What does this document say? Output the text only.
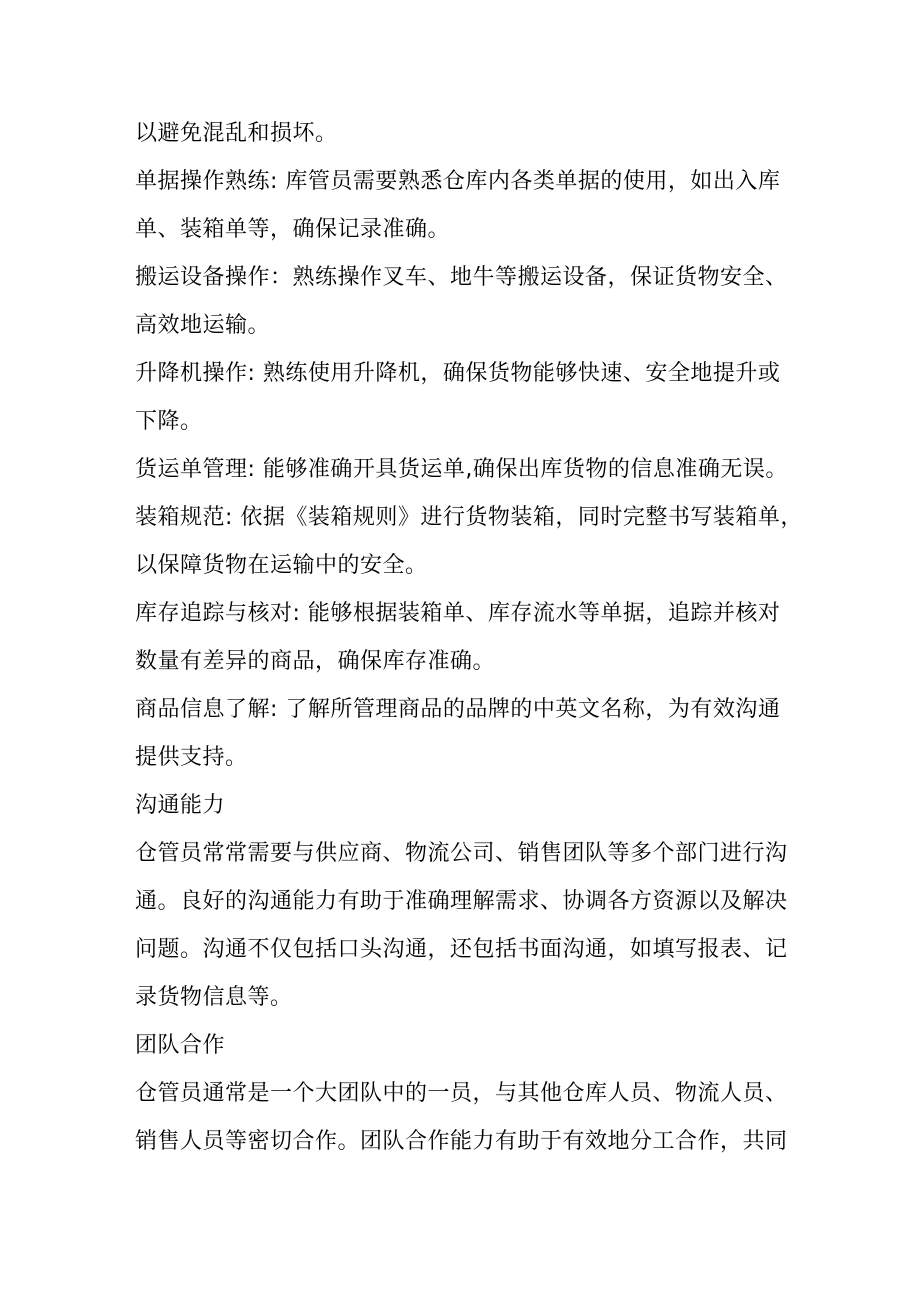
以避免混乱和损坏。
单据操作熟练: 库管员需要熟悉仓库内各类单据的使用，如出入库
单、装箱单等，确保记录准确。
搬运设备操作：熟练操作叉车、地牛等搬运设备，保证货物安全、
高效地运输。
升降机操作: 熟练使用升降机，确保货物能够快速、安全地提升或
下降。
货运单管理: 能够准确开具货运单,确保出库货物的信息准确无误。
装箱规范: 依据《装箱规则》进行货物装箱，同时完整书写装箱单，
以保障货物在运输中的安全。
库存追踪与核对: 能够根据装箱单、库存流水等单据，追踪并核对
数量有差异的商品，确保库存准确。
商品信息了解: 了解所管理商品的品牌的中英文名称，为有效沟通
提供支持。
沟通能力
仓管员常常需要与供应商、物流公司、销售团队等多个部门进行沟
通。良好的沟通能力有助于准确理解需求、协调各方资源以及解决
问题。沟通不仅包括口头沟通，还包括书面沟通，如填写报表、记
录货物信息等。
团队合作
仓管员通常是一个大团队中的一员，与其他仓库人员、物流人员、
销售人员等密切合作。团队合作能力有助于有效地分工合作，共同
